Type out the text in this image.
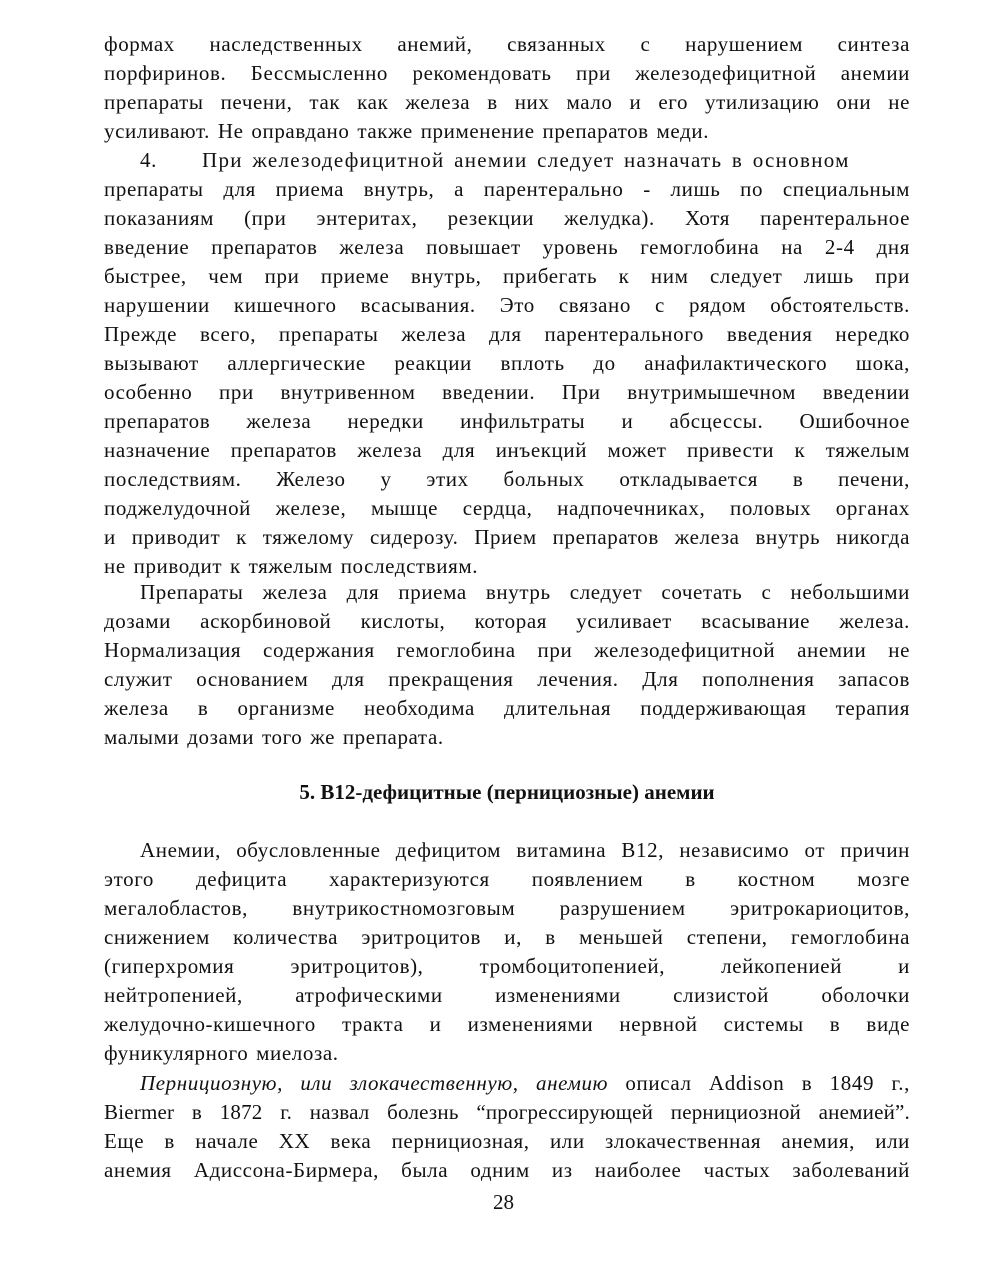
формах наследственных анемий, связанных с нарушением синтеза
порфиринов. Бессмысленно рекомендовать при железодефицитной анемии
препараты печени, так как железа в них мало и его утилизацию они не
усиливают. Не оправдано также применение препаратов меди.
4. При железодефицитной анемии следует назначать в основном
препараты для приема внутрь, а парентерально - лишь по специальным
показаниям (при энтеритах, резекции желудка). Хотя парентеральное
введение препаратов железа повышает уровень гемоглобина на 2-4 дня
быстрее, чем при приеме внутрь, прибегать к ним следует лишь при
нарушении кишечного всасывания. Это связано с рядом обстоятельств.
Прежде всего, препараты железа для парентерального введения нередко
вызывают аллергические реакции вплоть до анафилактического шока,
особенно при внутривенном введении. При внутримышечном введении
препаратов железа нередки инфильтраты и абсцессы. Ошибочное
назначение препаратов железа для инъекций может привести к тяжелым
последствиям. Железо у этих больных откладывается в печени,
поджелудочной железе, мышце сердца, надпочечниках, половых органах
и приводит к тяжелому сидерозу. Прием препаратов железа внутрь никогда
не приводит к тяжелым последствиям.
Препараты железа для приема внутрь следует сочетать с небольшими
дозами аскорбиновой кислоты, которая усиливает всасывание железа.
Нормализация содержания гемоглобина при железодефицитной анемии не
служит основанием для прекращения лечения. Для пополнения запасов
железа в организме необходима длительная поддерживающая терапия
малыми дозами того же препарата.
5. В12-дефицитные (пернициозные) анемии
Анемии, обусловленные дефицитом витамина В12, независимо от причин
этого дефицита характеризуются появлением в костном мозге
мегалобластов, внутрикостномозговым разрушением эритрокариоцитов,
снижением количества эритроцитов и, в меньшей степени, гемоглобина
(гиперхромия эритроцитов), тромбоцитопенией, лейкопенией и
нейтропенией, атрофическими изменениями слизистой оболочки
желудочно-кишечного тракта и изменениями нервной системы в виде
фуникулярного миелоза.
Пернициозную, или злокачественную, анемию описал Addison в 1849 г.,
Biermer в 1872 г. назвал болезнь “прогрессирующей пернициозной анемией”.
Еще в начале XX века пернициозная, или злокачественная анемия, или
анемия Адиссона-Бирмера, была одним из наиболее частых заболеваний
28
